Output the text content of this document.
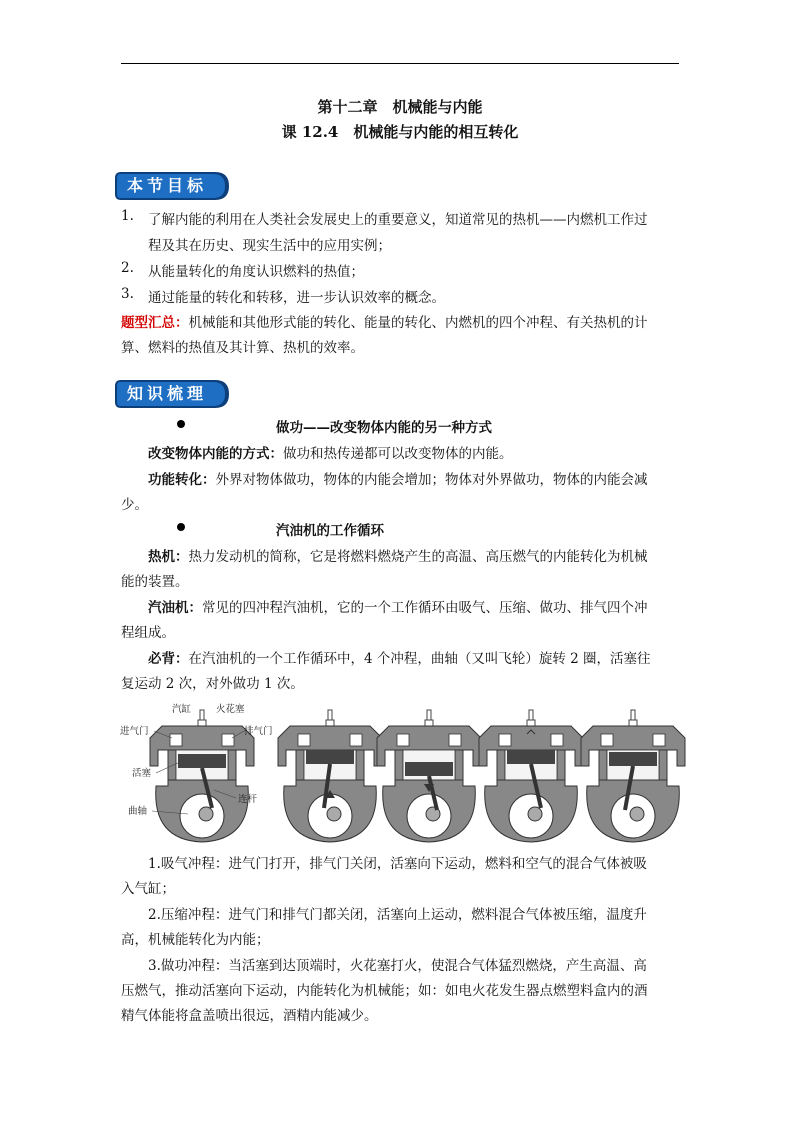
第十二章　机械能与内能
课 12.4　机械能与内能的相互转化
本节目标
1. 了解内能的利用在人类社会发展史上的重要意义，知道常见的热机——内燃机工作过
程及其在历史、现实生活中的应用实例；
2. 从能量转化的角度认识燃料的热值；
3. 通过能量的转化和转移，进一步认识效率的概念。
题型汇总：机械能和其他形式能的转化、能量的转化、内燃机的四个冲程、有关热机的计
算、燃料的热值及其计算、热机的效率。
知识梳理
做功——改变物体内能的另一种方式
改变物体内能的方式：做功和热传递都可以改变物体的内能。
功能转化：外界对物体做功，物体的内能会增加；物体对外界做功，物体的内能会减
少。
汽油机的工作循环
热机：热力发动机的简称，它是将燃料燃烧产生的高温、高压燃气的内能转化为机械
能的装置。
汽油机：常见的四冲程汽油机，它的一个工作循环由吸气、压缩、做功、排气四个冲
程组成。
必背：在汽油机的一个工作循环中，4 个冲程，曲轴（又叫飞轮）旋转 2 圈，活塞往
复运动 2 次，对外做功 1 次。
汽缸	火花塞
进气门	排气门
活塞
连杆
曲轴
1.吸气冲程：进气门打开，排气门关闭，活塞向下运动，燃料和空气的混合气体被吸
入气缸；
2.压缩冲程：进气门和排气门都关闭，活塞向上运动，燃料混合气体被压缩，温度升
高，机械能转化为内能；
3.做功冲程：当活塞到达顶端时，火花塞打火，使混合气体猛烈燃烧，产生高温、高
压燃气，推动活塞向下运动，内能转化为机械能；如：如电火花发生器点燃塑料盒内的酒
精气体能将盒盖喷出很远，酒精内能减少。
